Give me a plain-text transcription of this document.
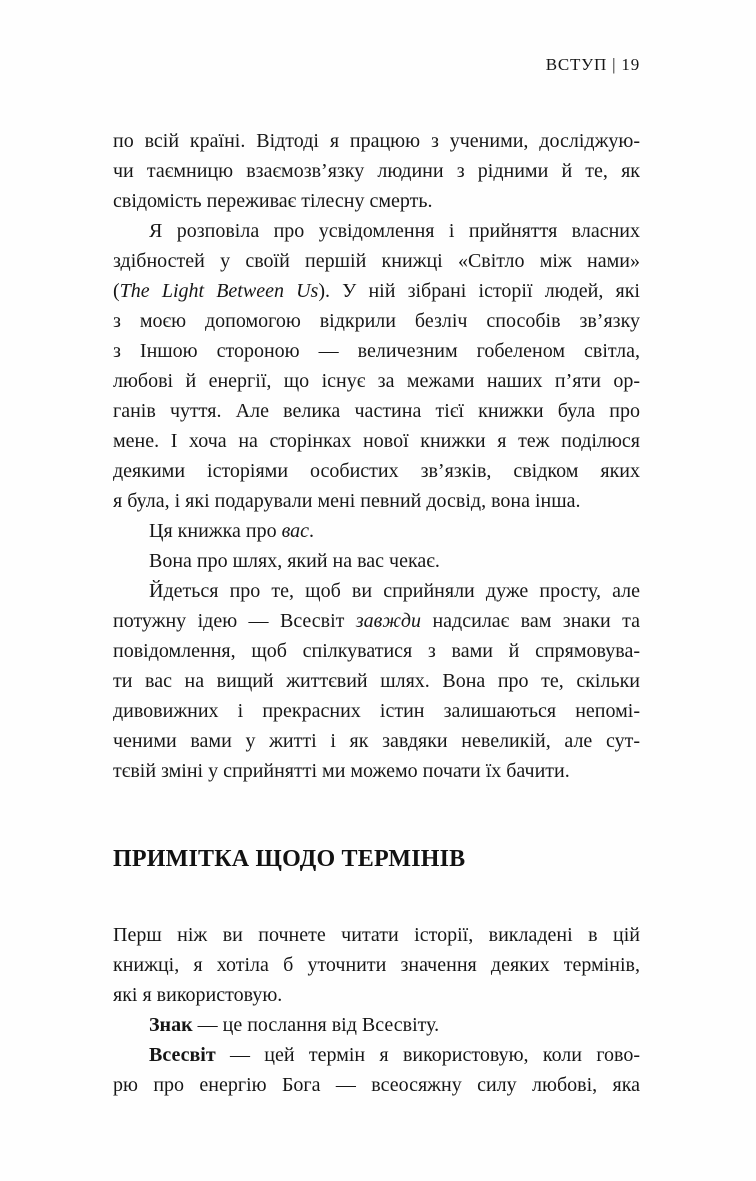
ВСТУП | 19
по всій країні. Відтоді я працюю з ученими, досліджую-
чи таємницю взаємозв’язку людини з рідними й те, як
свідомість переживає тілесну смерть.
Я розповіла про усвідомлення і прийняття власних
здібностей у своїй першій книжці «Світло між нами»
(The Light Between Us). У ній зібрані історії людей, які
з моєю допомогою відкрили безліч способів зв’язку
з Іншою стороною — величезним гобеленом світла,
любові й енергії, що існує за межами наших п’яти ор-
ганів чуття. Але велика частина тієї книжки була про
мене. І хоча на сторінках нової книжки я теж поділюся
деякими історіями особистих зв’язків, свідком яких
я була, і які подарували мені певний досвід, вона інша.
Ця книжка про вас.
Вона про шлях, який на вас чекає.
Йдеться про те, щоб ви сприйняли дуже просту, але
потужну ідею — Всесвіт завжди надсилає вам знаки та
повідомлення, щоб спілкуватися з вами й спрямовува-
ти вас на вищий життєвий шлях. Вона про те, скільки
дивовижних і прекрасних істин залишаються непомі-
ченими вами у житті і як завдяки невеликій, але сут-
тєвій зміні у сприйнятті ми можемо почати їх бачити.
ПРИМІТКА ЩОДО ТЕРМІНІВ
Перш ніж ви почнете читати історії, викладені в цій
книжці, я хотіла б уточнити значення деяких термінів,
які я використовую.
Знак — це послання від Всесвіту.
Всесвіт — цей термін я використовую, коли гово-
рю про енергію Бога — всеосяжну силу любові, яка
